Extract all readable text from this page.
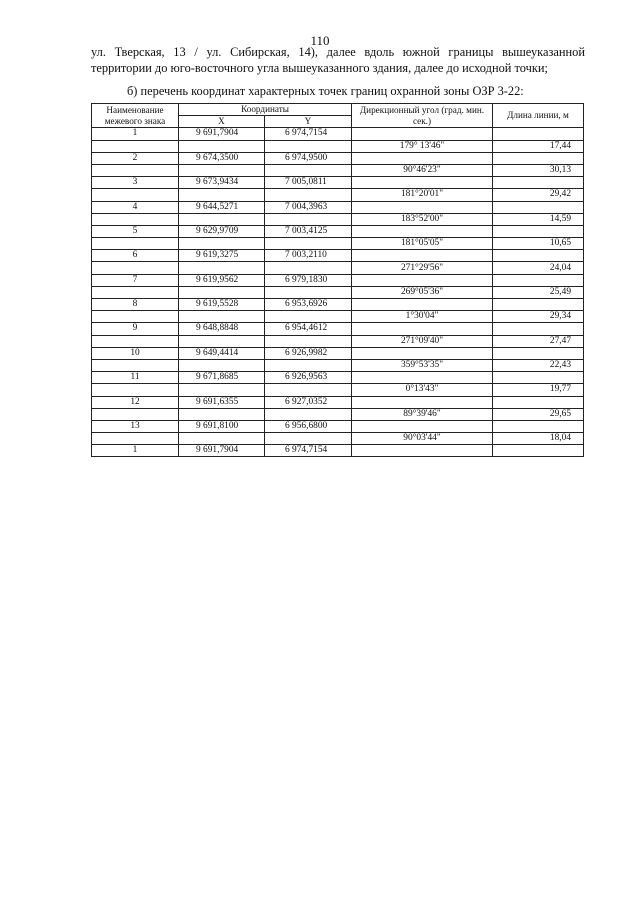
110
ул. Тверская, 13 / ул. Сибирская, 14), далее вдоль южной границы вышеуказанной
территории до юго-восточного угла вышеуказанного здания, далее до исходной точки;
б) перечень координат характерных точек границ охранной зоны ОЗР 3-22:
Наименование межевого знака	Координаты		Дирекционный угол (град. мин. сек.)	Длина линии, м
	X	Y		
1	9 691,7904	6 974,7154		
			179° 13'46"	17,44
2	9 674,3500	6 974,9500		
			90°46'23"	30,13
3	9 673,9434	7 005,0811		
			181°20'01"	29,42
4	9 644,5271	7 004,3963		
			183°52'00"	14,59
5	9 629,9709	7 003,4125		
			181°05'05"	10,65
6	9 619,3275	7 003,2110		
			271°29'56"	24,04
7	9 619,9562	6 979,1830		
			269°05'36"	25,49
8	9 619,5528	6 953,6926		
			1°30'04"	29,34
9	9 648,8848	6 954,4612		
			271°09'40"	27,47
10	9 649,4414	6 926,9982		
			359°53'35"	22,43
11	9 671,8685	6 926,9563		
			0°13'43"	19,77
12	9 691,6355	6 927,0352		
			89°39'46"	29,65
13	9 691,8100	6 956,6800		
			90°03'44"	18,04
1	9 691,7904	6 974,7154		
